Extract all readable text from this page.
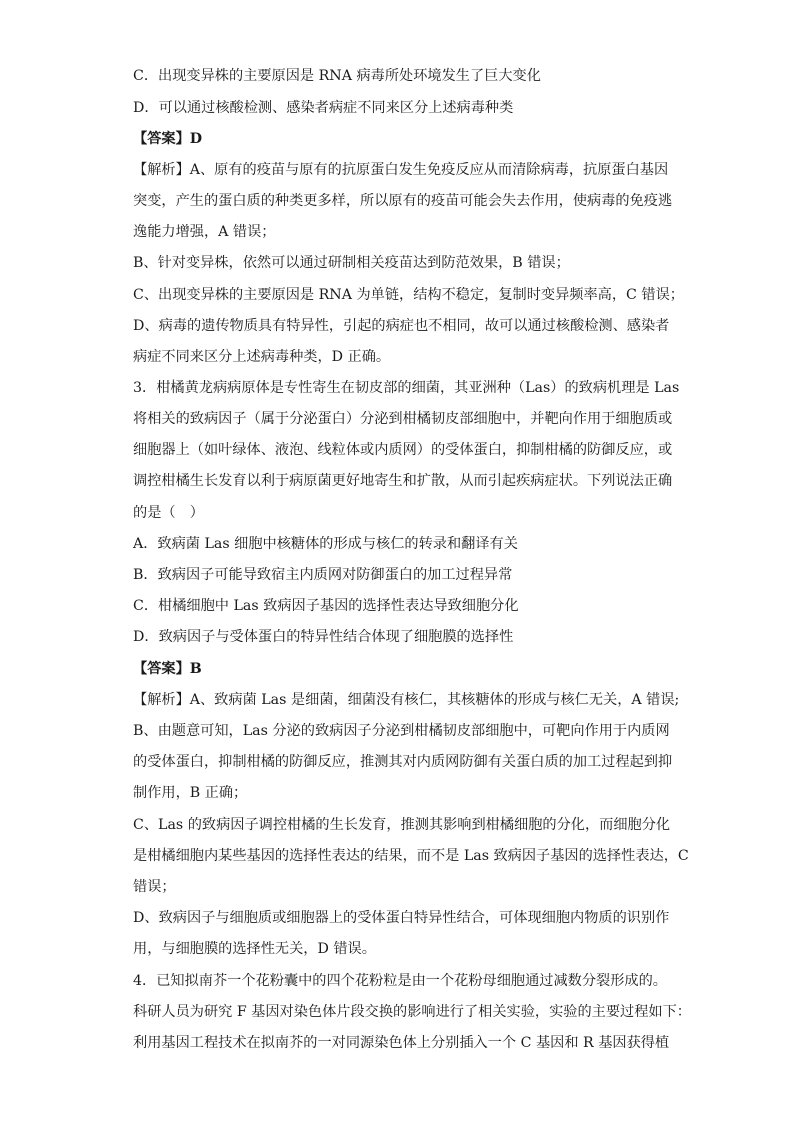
C．出现变异株的主要原因是 RNA 病毒所处环境发生了巨大变化
D．可以通过核酸检测、感染者病症不同来区分上述病毒种类
【答案】D
【解析】A、原有的疫苗与原有的抗原蛋白发生免疫反应从而清除病毒，抗原蛋白基因
突变，产生的蛋白质的种类更多样，所以原有的疫苗可能会失去作用，使病毒的免疫逃
逸能力增强，A 错误；
B、针对变异株，依然可以通过研制相关疫苗达到防范效果，B 错误；
C、出现变异株的主要原因是 RNA 为单链，结构不稳定，复制时变异频率高，C 错误；
D、病毒的遗传物质具有特异性，引起的病症也不相同，故可以通过核酸检测、感染者
病症不同来区分上述病毒种类，D 正确。
3．柑橘黄龙病病原体是专性寄生在韧皮部的细菌，其亚洲种（Las）的致病机理是 Las
将相关的致病因子（属于分泌蛋白）分泌到柑橘韧皮部细胞中，并靶向作用于细胞质或
细胞器上（如叶绿体、液泡、线粒体或内质网）的受体蛋白，抑制柑橘的防御反应，或
调控柑橘生长发育以利于病原菌更好地寄生和扩散，从而引起疾病症状。下列说法正确
的是（　）
A．致病菌 Las 细胞中核糖体的形成与核仁的转录和翻译有关
B．致病因子可能导致宿主内质网对防御蛋白的加工过程异常
C．柑橘细胞中 Las 致病因子基因的选择性表达导致细胞分化
D．致病因子与受体蛋白的特异性结合体现了细胞膜的选择性
【答案】B
【解析】A、致病菌 Las 是细菌，细菌没有核仁，其核糖体的形成与核仁无关，A 错误;
B、由题意可知，Las 分泌的致病因子分泌到柑橘韧皮部细胞中，可靶向作用于内质网
的受体蛋白，抑制柑橘的防御反应，推测其对内质网防御有关蛋白质的加工过程起到抑
制作用，B 正确；
C、Las 的致病因子调控柑橘的生长发育，推测其影响到柑橘细胞的分化，而细胞分化
是柑橘细胞内某些基因的选择性表达的结果，而不是 Las 致病因子基因的选择性表达，C
错误；
D、致病因子与细胞质或细胞器上的受体蛋白特异性结合，可体现细胞内物质的识别作
用，与细胞膜的选择性无关，D 错误。
4．已知拟南芥一个花粉囊中的四个花粉粒是由一个花粉母细胞通过减数分裂形成的。
科研人员为研究 F 基因对染色体片段交换的影响进行了相关实验，实验的主要过程如下：
利用基因工程技术在拟南芥的一对同源染色体上分别插入一个 C 基因和 R 基因获得植
